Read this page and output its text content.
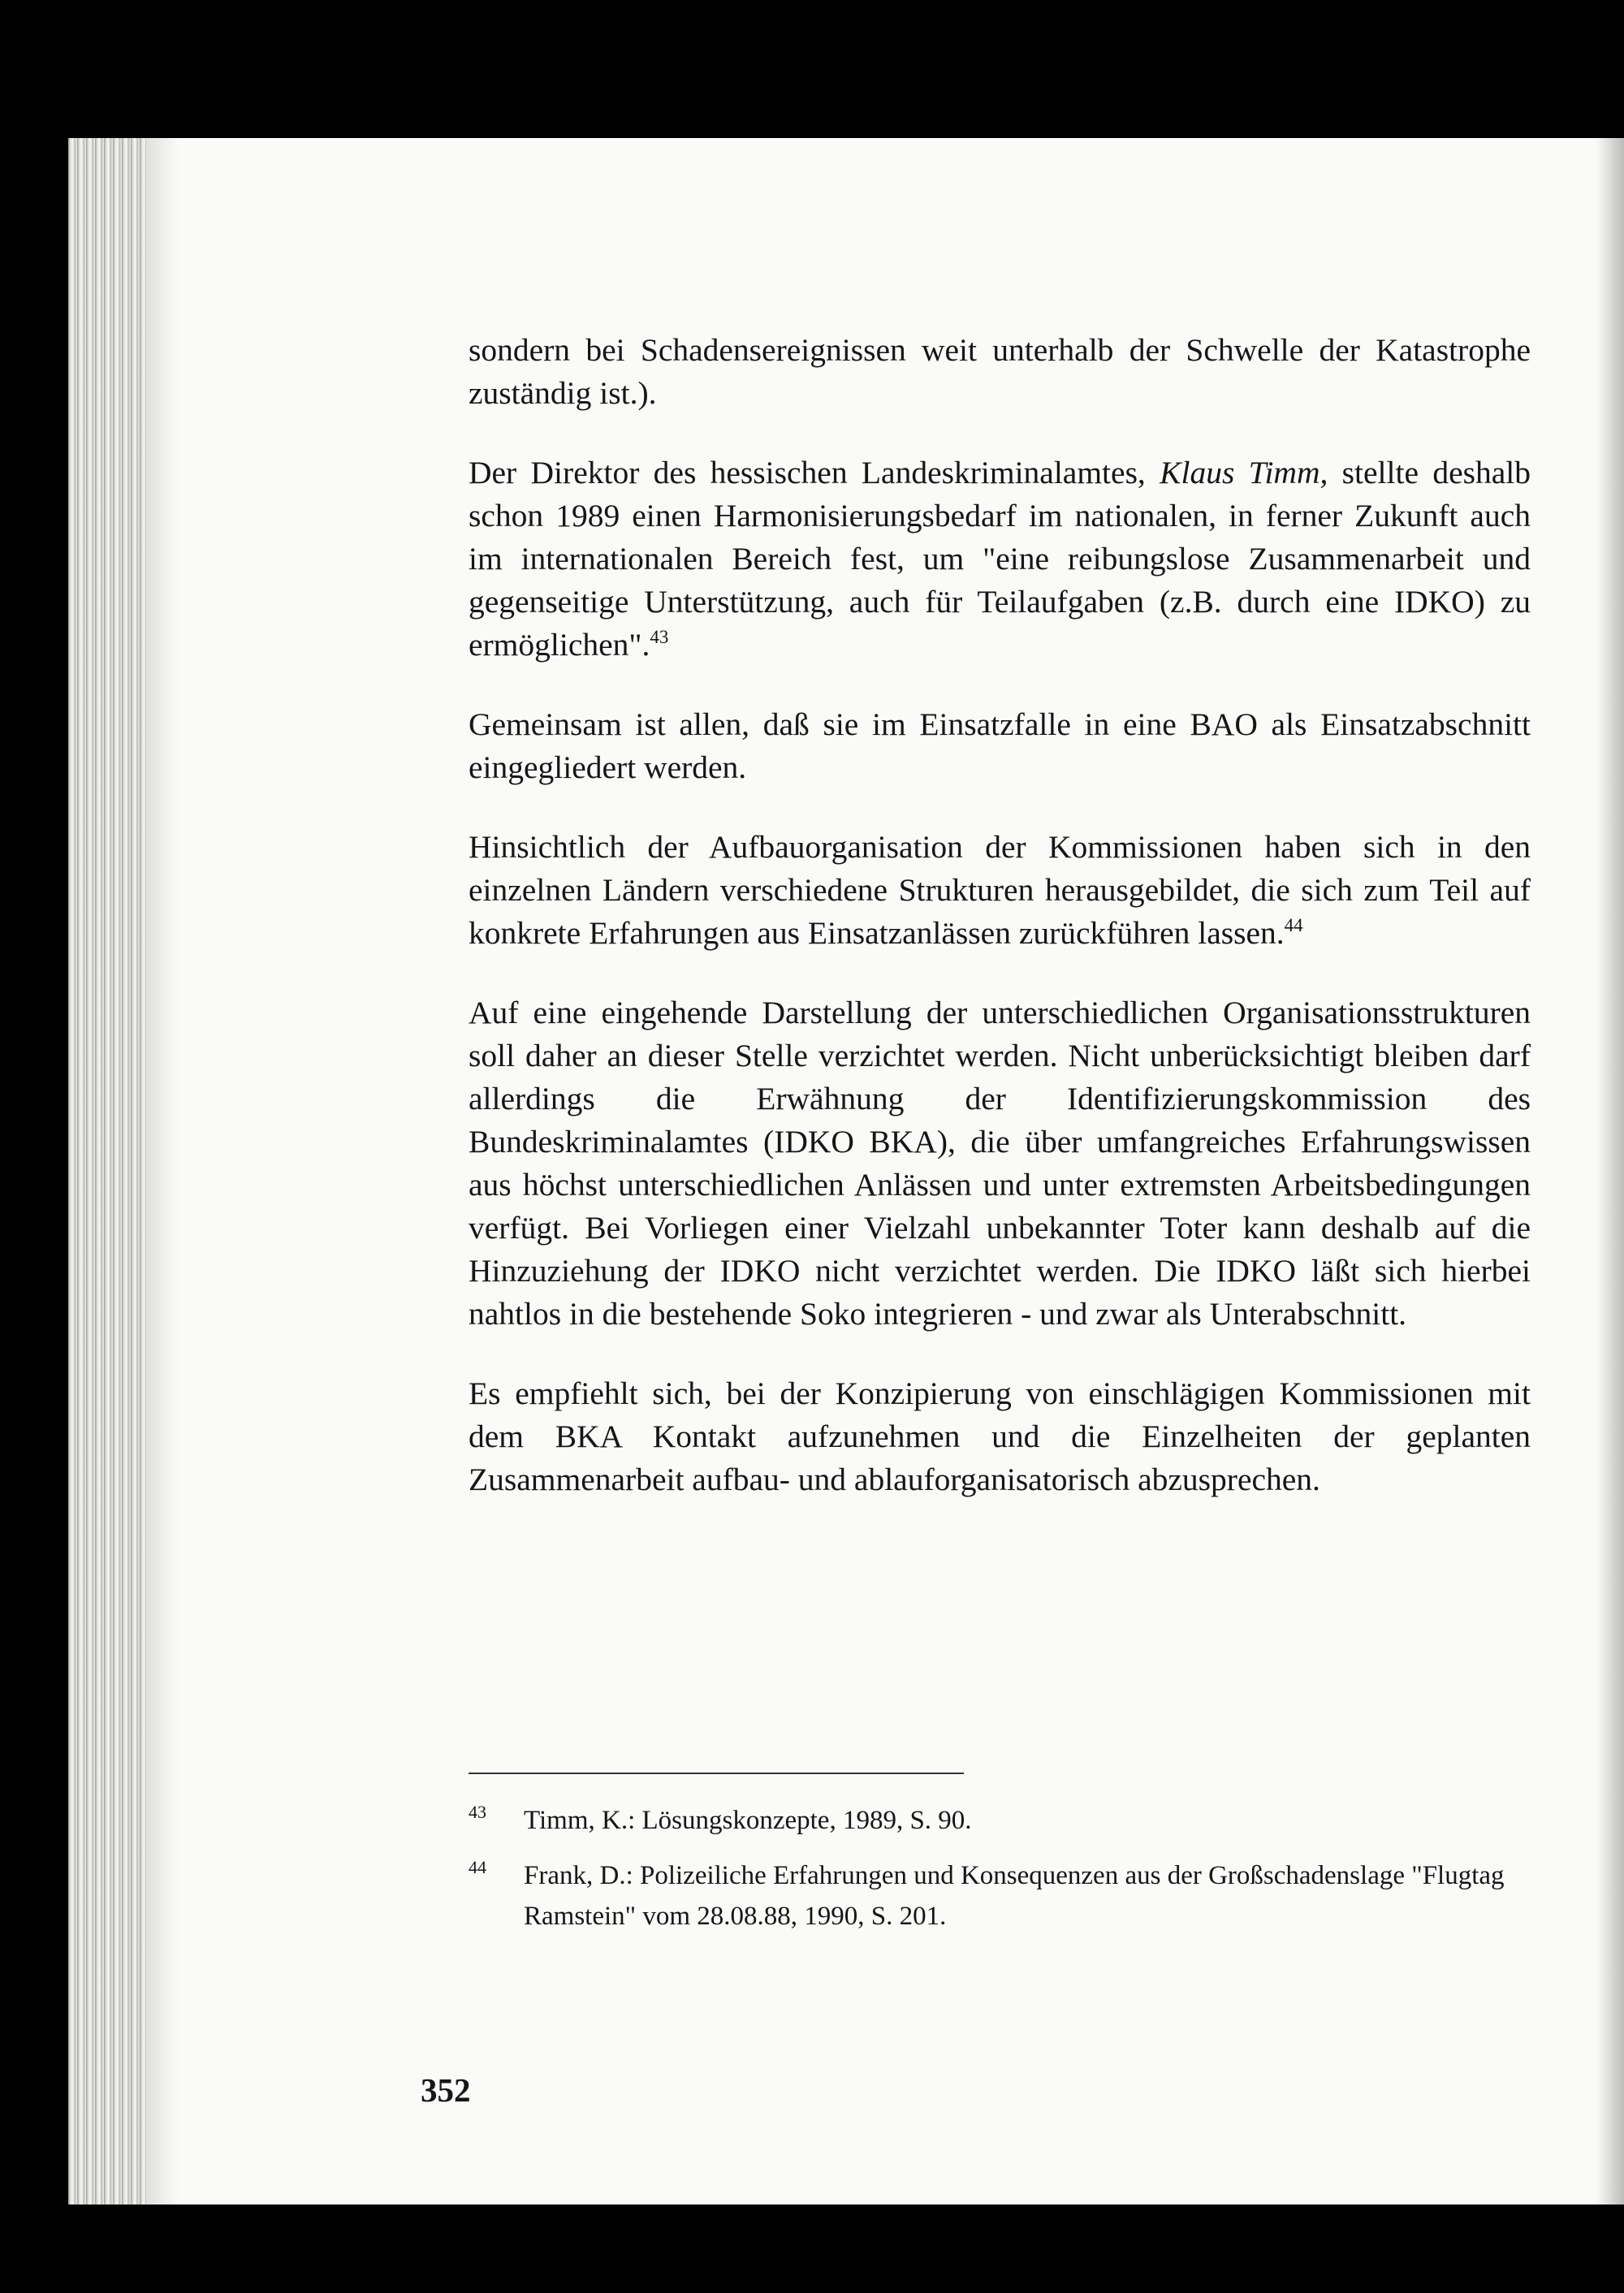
sondern bei Schadensereignissen weit unterhalb der Schwelle der Katastrophe zuständig ist.).

Der Direktor des hessischen Landeskriminalamtes, Klaus Timm, stellte deshalb schon 1989 einen Harmonisierungsbedarf im nationalen, in ferner Zukunft auch im internationalen Bereich fest, um "eine reibungslose Zusammenarbeit und gegenseitige Unterstützung, auch für Teilaufgaben (z.B. durch eine IDKO) zu ermöglichen".$^{43}$

Gemeinsam ist allen, daß sie im Einsatzfalle in eine BAO als Einsatzabschnitt eingegliedert werden.

Hinsichtlich der Aufbauorganisation der Kommissionen haben sich in den einzelnen Ländern verschiedene Strukturen herausgebildet, die sich zum Teil auf konkrete Erfahrungen aus Einsatzanlässen zurückführen lassen.$^{44}$

Auf eine eingehende Darstellung der unterschiedlichen Organisationsstrukturen soll daher an dieser Stelle verzichtet werden. Nicht unberücksichtigt bleiben darf allerdings die Erwähnung der Identifizierungskommission des Bundeskriminalamtes (IDKO BKA), die über umfangreiches Erfahrungswissen aus höchst unterschiedlichen Anlässen und unter extremsten Arbeitsbedingungen verfügt. Bei Vorliegen einer Vielzahl unbekannter Toter kann deshalb auf die Hinzuziehung der IDKO nicht verzichtet werden. Die IDKO läßt sich hierbei nahtlos in die bestehende Soko integrieren - und zwar als Unterabschnitt.

Es empfiehlt sich, bei der Konzipierung von einschlägigen Kommissionen mit dem BKA Kontakt aufzunehmen und die Einzelheiten der geplanten Zusammenarbeit aufbau- und ablauforganisatorisch abzusprechen.

43	Timm, K.: Lösungskonzepte, 1989, S. 90.
44	Frank, D.: Polizeiliche Erfahrungen und Konsequenzen aus der Großschadenslage "Flugtag Ramstein" vom 28.08.88, 1990, S. 201.
352
